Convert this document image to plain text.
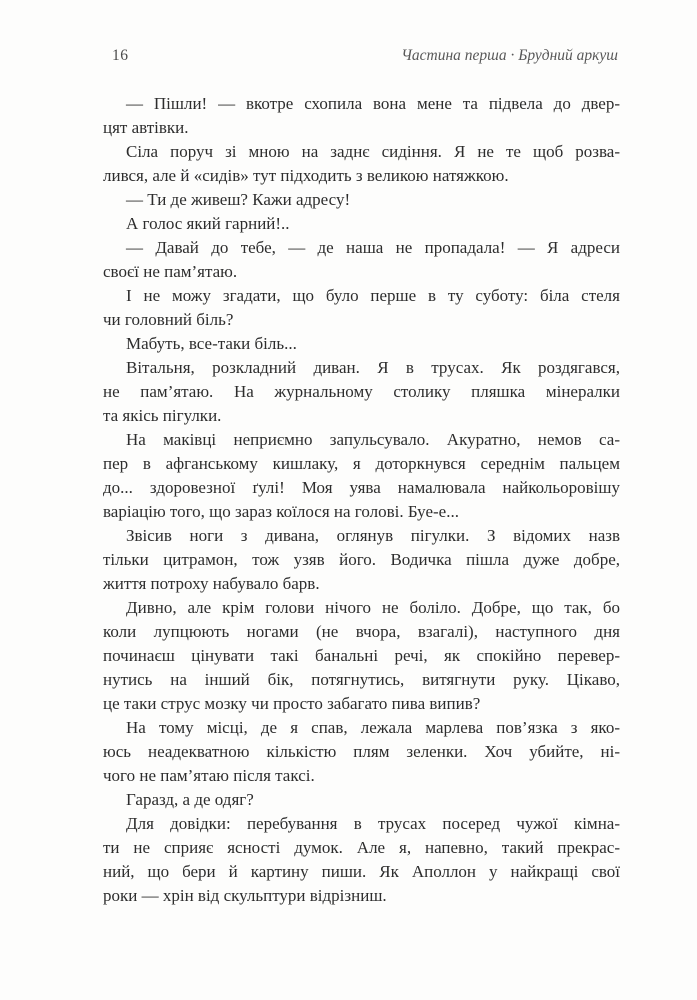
16	Частина перша · Брудний аркуш

— Пішли! — вкотре схопила вона мене та підвела до двер-
цят автівки.

Сіла поруч зі мною на заднє сидіння. Я не те щоб розва-
лився, але й «сидів» тут підходить з великою натяжкою.

— Ти де живеш? Кажи адресу!

А голос який гарний!..

— Давай до тебе, — де наша не пропадала! — Я адреси
своєї не пам’ятаю.

І не можу згадати, що було перше в ту суботу: біла стеля
чи головний біль?

Мабуть, все-таки біль...

Вітальня, розкладний диван. Я в трусах. Як роздягався,
не пам’ятаю. На журнальному столику пляшка мінералки
та якісь пігулки.

На маківці неприємно запульсувало. Акуратно, немов са-
пер в афганському кишлаку, я доторкнувся середнім пальцем
до... здоровезної ґулі! Моя уява намалювала найкольоровішу
варіацію того, що зараз коїлося на голові. Буе-е...

Звісив ноги з дивана, оглянув пігулки. З відомих назв
тільки цитрамон, тож узяв його. Водичка пішла дуже добре,
життя потроху набувало барв.

Дивно, але крім голови нічого не боліло. Добре, що так, бо
коли лупцюють ногами (не вчора, взагалі), наступного дня
починаєш цінувати такі банальні речі, як спокійно перевер-
нутись на інший бік, потягнутись, витягнути руку. Цікаво,
це таки струс мозку чи просто забагато пива випив?

На тому місці, де я спав, лежала марлева пов’язка з яко-
юсь неадекватною кількістю плям зеленки. Хоч убийте, ні-
чого не пам’ятаю після таксі.

Гаразд, а де одяг?

Для довідки: перебування в трусах посеред чужої кімна-
ти не сприяє ясності думок. Але я, напевно, такий прекрас-
ний, що бери й картину пиши. Як Аполлон у найкращі свої
роки — хрін від скульптури відрізниш.
